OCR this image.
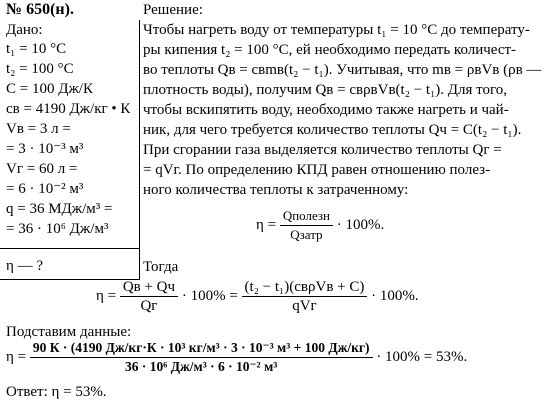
№ 650(н).
Дано:
t₁ = 10 °C
t₂ = 100 °C
C = 100 Дж/К
cв = 4190 Дж/кг • К
Vв = 3 л =
= 3 · 10⁻³ м³
Vг = 60 л =
= 6 · 10⁻² м³
q = 36 МДж/м³ =
= 36 · 10⁶ Дж/м³
η — ?
Решение:
Чтобы нагреть воду от температуры t₁ = 10 °C до температу-
ры кипения t₂ = 100 °C, ей необходимо передать количест-
во теплоты Qв = cвmв(t₂ − t₁). Учитывая, что mв = ρвVв (ρв —
плотность воды), получим Qв = cвρвVв(t₂ − t₁). Для того,
чтобы вскипятить воду, необходимо также нагреть и чай-
ник, для чего требуется количество теплоты Qч = C(t₂ − t₁).
При сгорании газа выделяется количество теплоты Qг =
= qVг. По определению КПД равен отношению полез-
ного количества теплоты к затраченному:
$\eta = \frac{\text{Qполезн}}{\text{Qзатр}} \cdot 100\%$.
Тогда
$\eta = \frac{Qв + Qч}{Qг} \cdot 100\% = \frac{\text{(t₂ − t₁)(cвρVв + C)}}{\text{qVг}} \cdot 100\%$.
Подставим данные:
$\eta = \frac{\text{90 К · (4190 Дж/кг·К · 10³ кг/м³ · 3 · 10⁻³ м³ + 100 Дж/кг)}}{\text{36 · 10⁶ Дж/м³ · 6 · 10⁻² м³}} \cdot 100\% = 53\%$.
Ответ: η = 53%.
